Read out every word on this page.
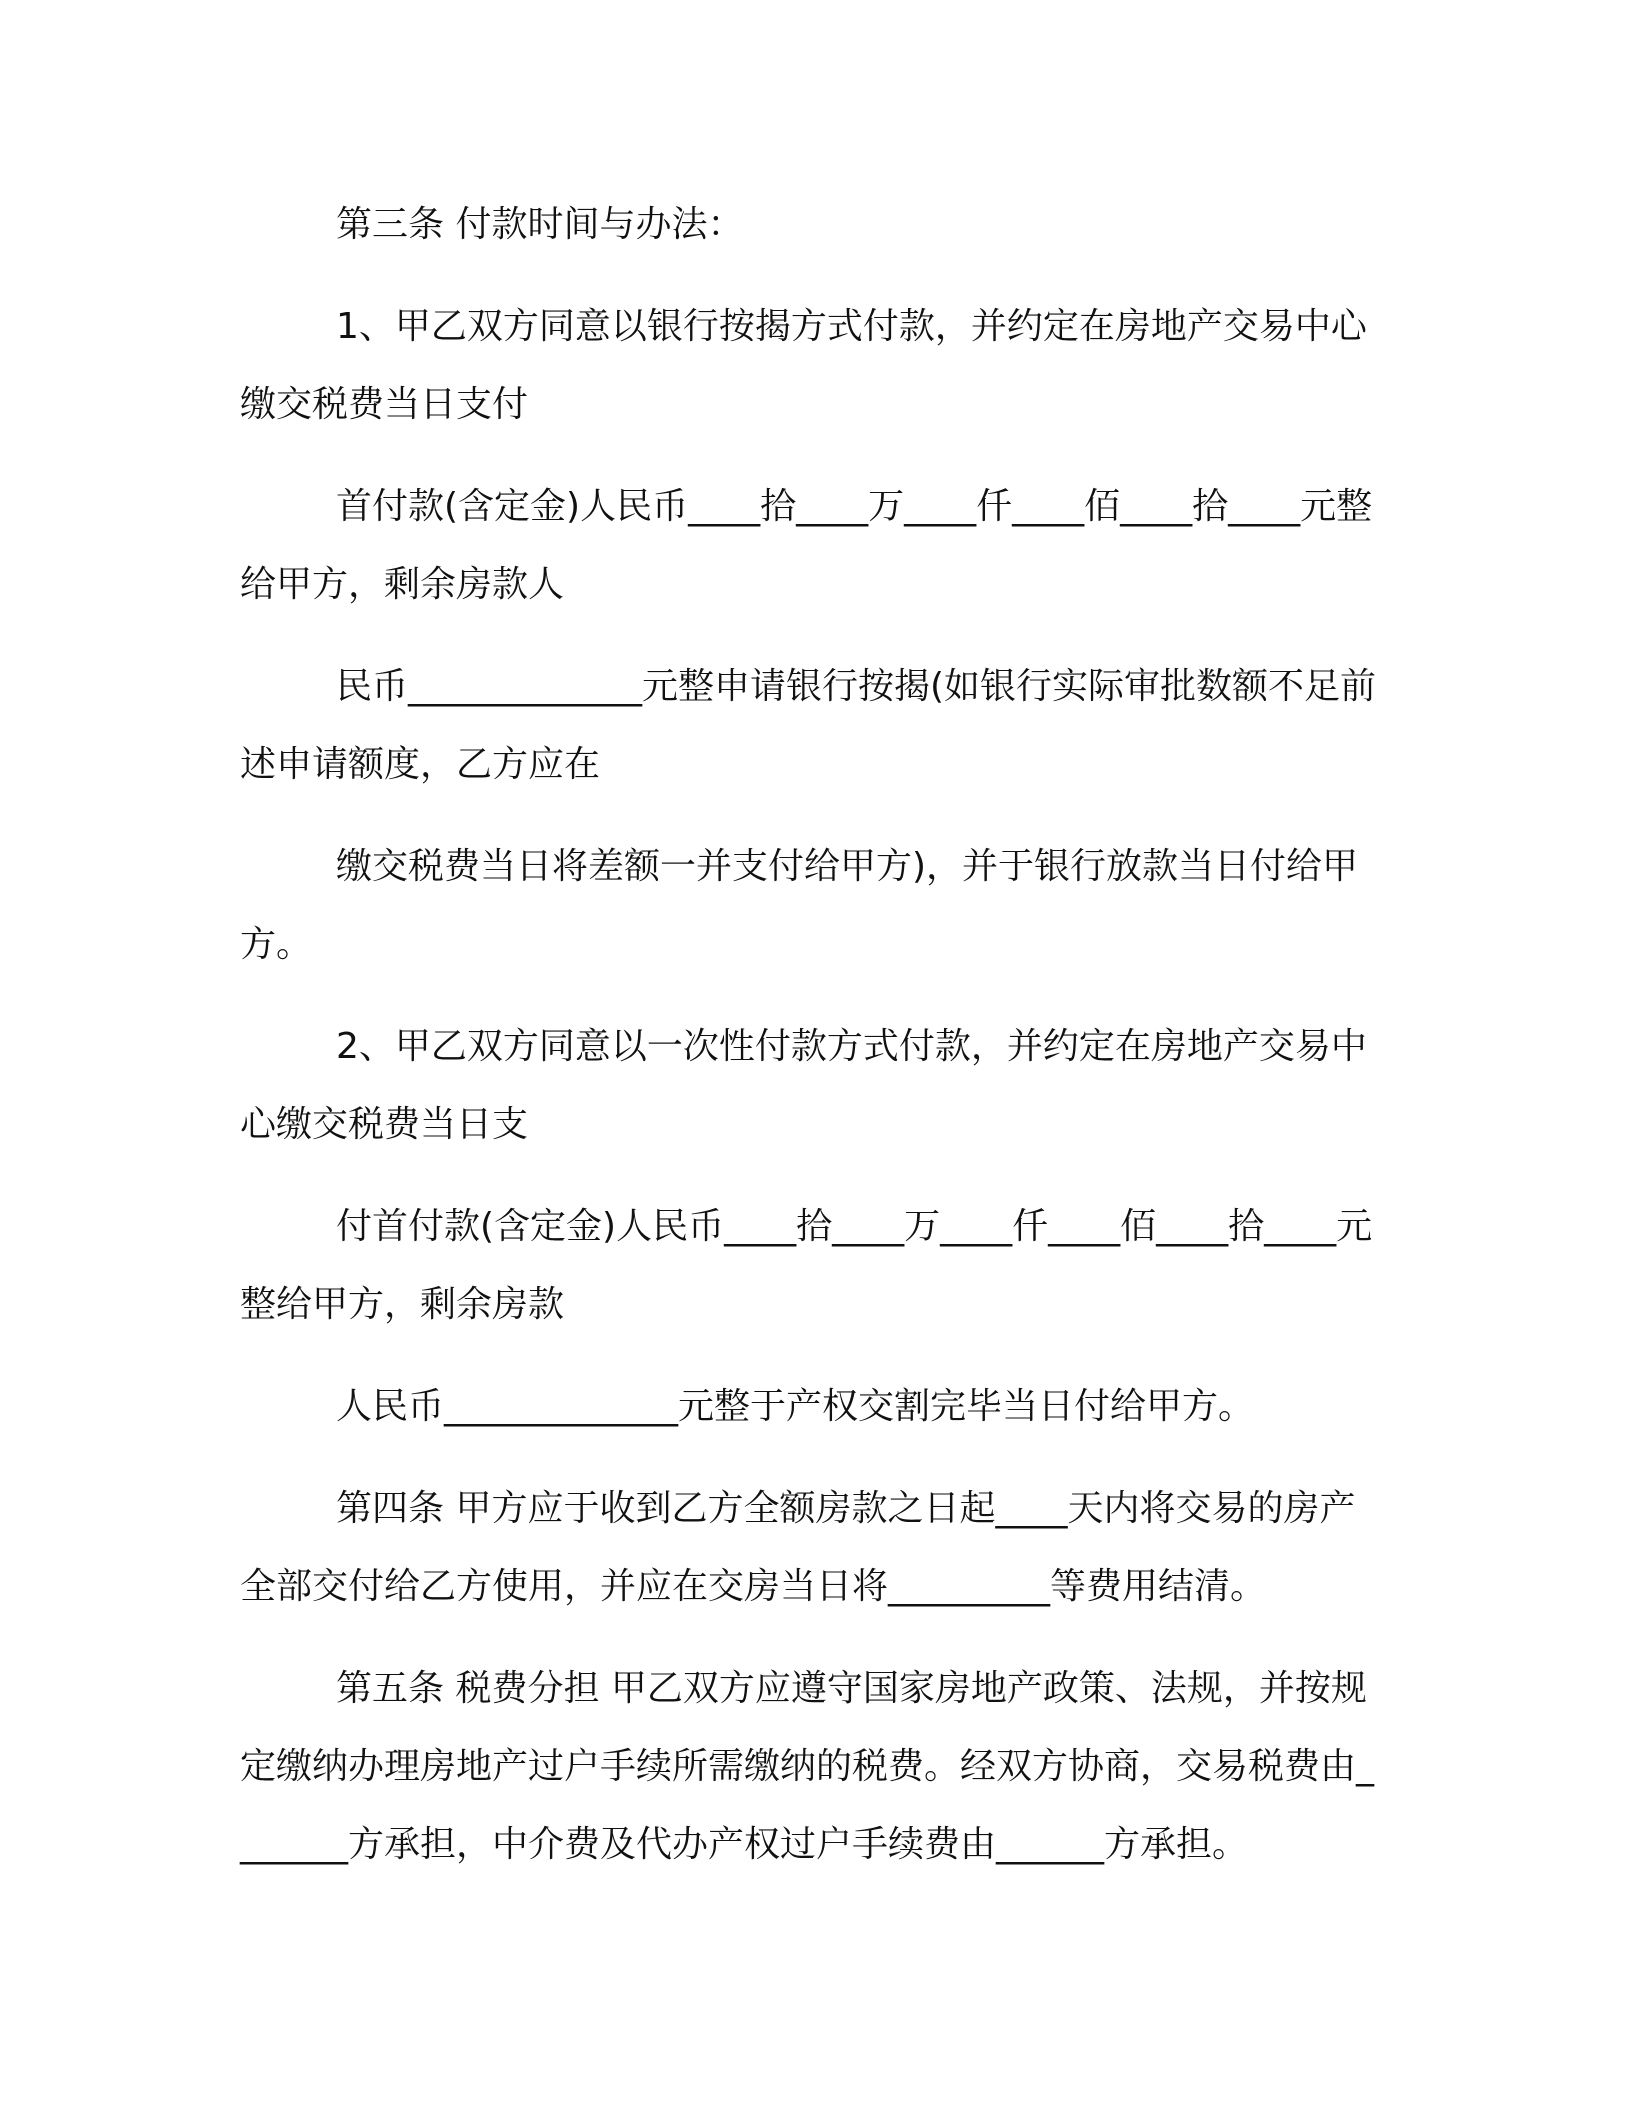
第三条 付款时间与办法：

1、甲乙双方同意以银行按揭方式付款，并约定在房地产交易中心缴交税费当日支付

首付款(含定金)人民币____拾____万____仟____佰____拾____元整给甲方，剩余房款人

民币_____________元整申请银行按揭(如银行实际审批数额不足前述申请额度，乙方应在

缴交税费当日将差额一并支付给甲方)，并于银行放款当日付给甲方。

2、甲乙双方同意以一次性付款方式付款，并约定在房地产交易中心缴交税费当日支

付首付款(含定金)人民币____拾____万____仟____佰____拾____元整给甲方，剩余房款

人民币_____________元整于产权交割完毕当日付给甲方。

第四条 甲方应于收到乙方全额房款之日起____天内将交易的房产全部交付给乙方使用，并应在交房当日将_________等费用结清。

第五条 税费分担 甲乙双方应遵守国家房地产政策、法规，并按规定缴纳办理房地产过户手续所需缴纳的税费。经双方协商，交易税费由_______方承担，中介费及代办产权过户手续费由______方承担。
